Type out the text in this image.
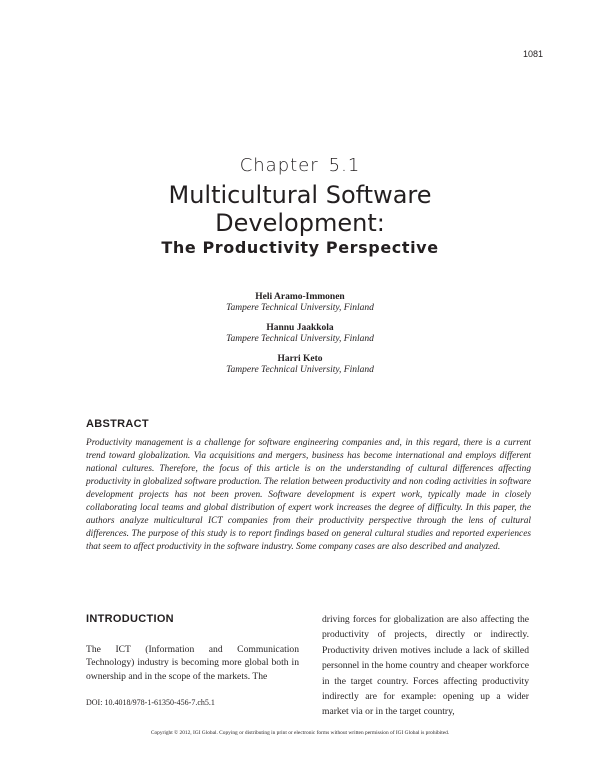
1081
Chapter 5.1
Multicultural Software
Development:
The Productivity Perspective
Heli Aramo-Immonen
Tampere Technical University, Finland
Hannu Jaakkola
Tampere Technical University, Finland
Harri Keto
Tampere Technical University, Finland
ABSTRACT

Productivity management is a challenge for software engineering companies and, in this regard, there is a current trend toward globalization. Via acquisitions and mergers, business has become international and employs different national cultures. Therefore, the focus of this article is on the understanding of cultural differences affecting productivity in globalized software production. The relation between productivity and non coding activities in software development projects has not been proven. Software development is expert work, typically made in closely collaborating local teams and global distribution of expert work increases the degree of difficulty. In this paper, the authors analyze multicultural ICT companies from their productivity perspective through the lens of cultural differences. The purpose of this study is to report findings based on general cultural studies and reported experiences that seem to affect productivity in the software industry. Some company cases are also described and analyzed.

INTRODUCTION

The ICT (Information and Communication Technology) industry is becoming more global both in ownership and in the scope of the markets. The

driving forces for globalization are also affecting the productivity of projects, directly or indirectly. Productivity driven motives include a lack of skilled personnel in the home country and cheaper workforce in the target country. Forces affecting productivity indirectly are for example: opening up a wider market via or in the target country,

DOI: 10.4018/978-1-61350-456-7.ch5.1
Copyright © 2012, IGI Global. Copying or distributing in print or electronic forms without written permission of IGI Global is prohibited.
